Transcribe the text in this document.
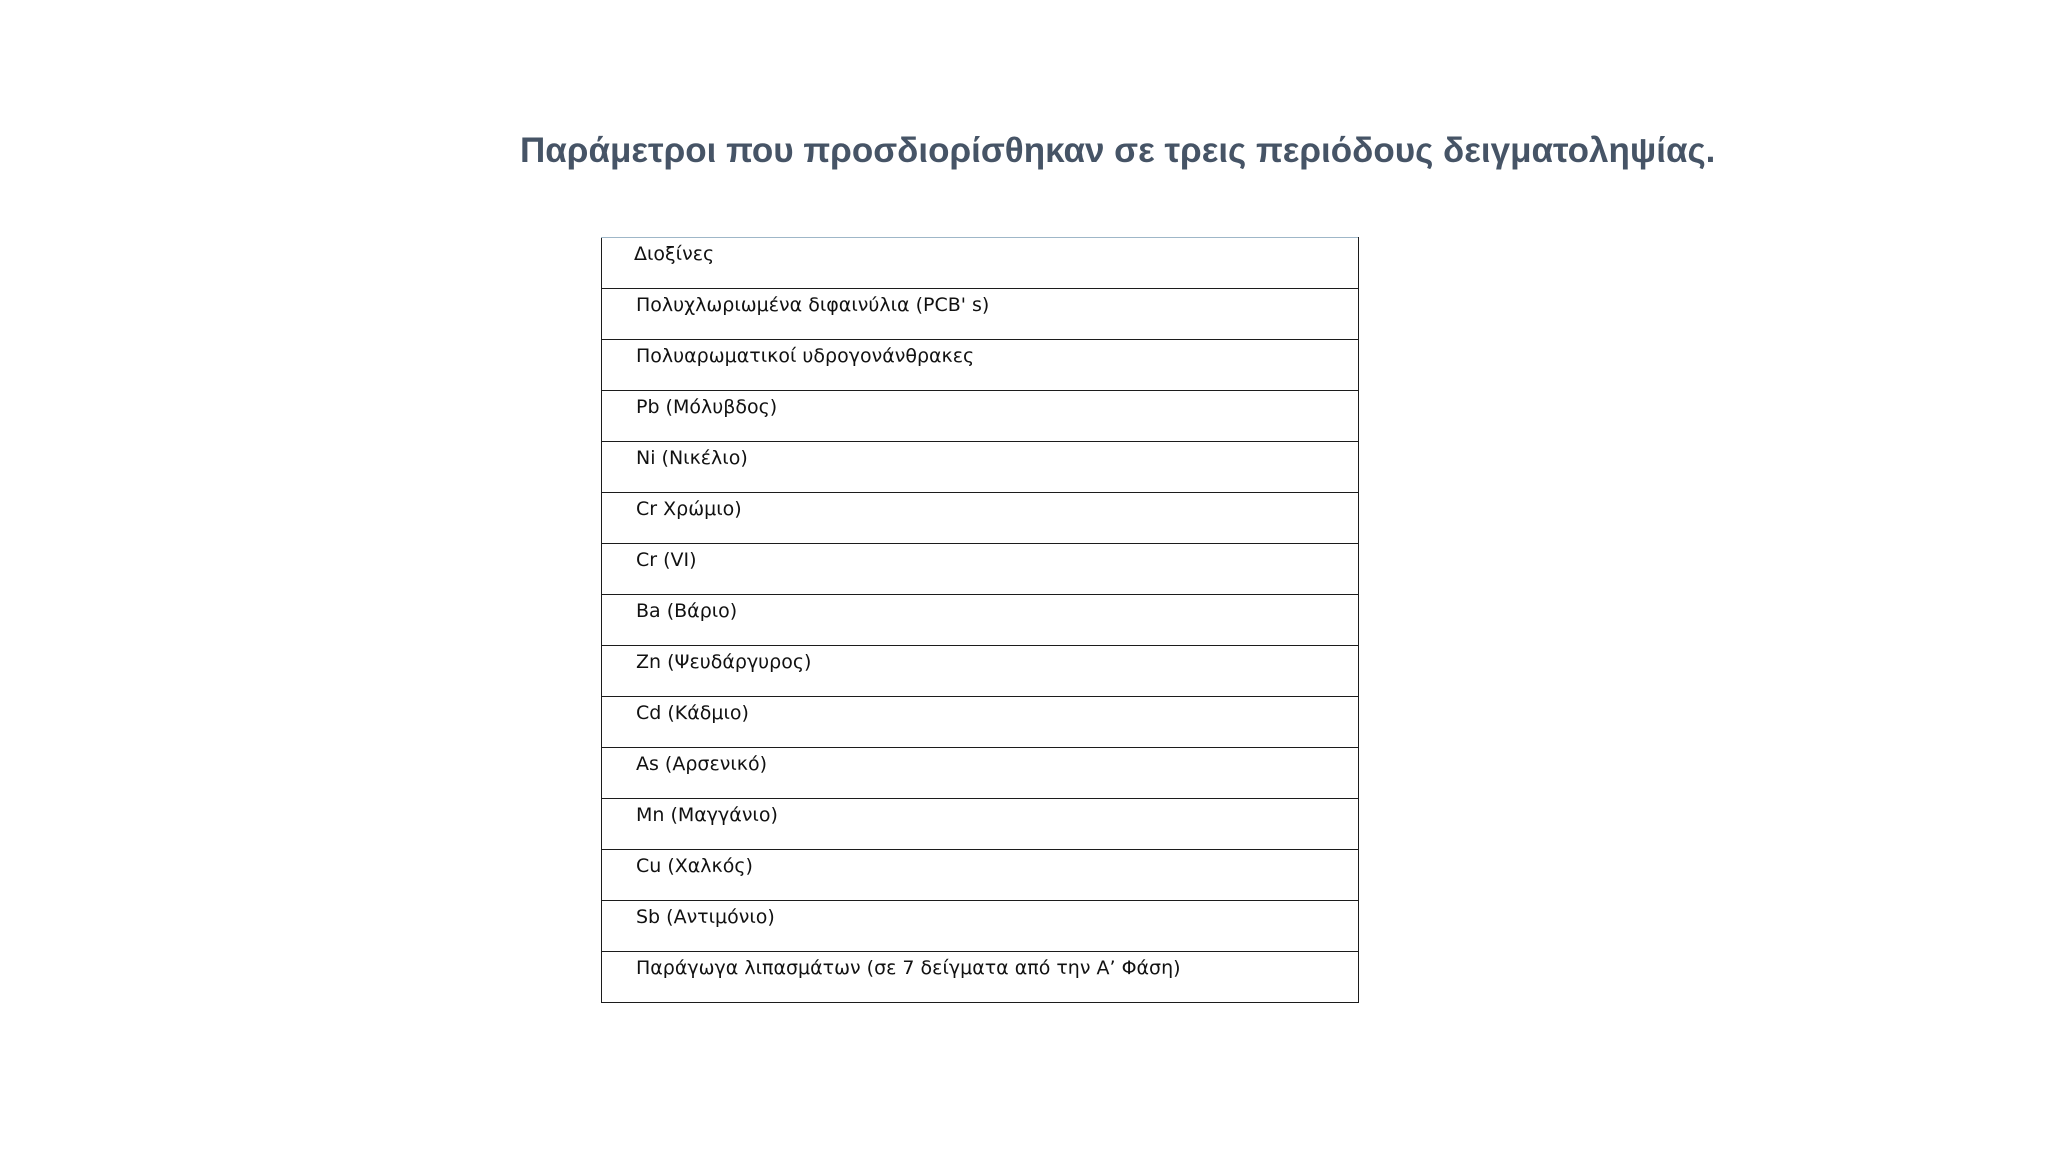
Παράμετροι που προσδιορίσθηκαν σε τρεις περιόδους δειγματοληψίας.
Διοξίνες
Πολυχλωριωμένα διφαινύλια (PCB' s)
Πολυαρωματικοί υδρογονάνθρακες
Pb (Μόλυβδος)
Ni (Νικέλιο)
Cr Χρώμιο)
Cr (VI)
Ba (Βάριο)
Zn (Ψευδάργυρος)
Cd (Κάδμιο)
As (Αρσενικό)
Mn (Μαγγάνιο)
Cu (Χαλκός)
Sb (Αντιμόνιο)
Παράγωγα λιπασμάτων (σε 7 δείγματα από την Α’ Φάση)
